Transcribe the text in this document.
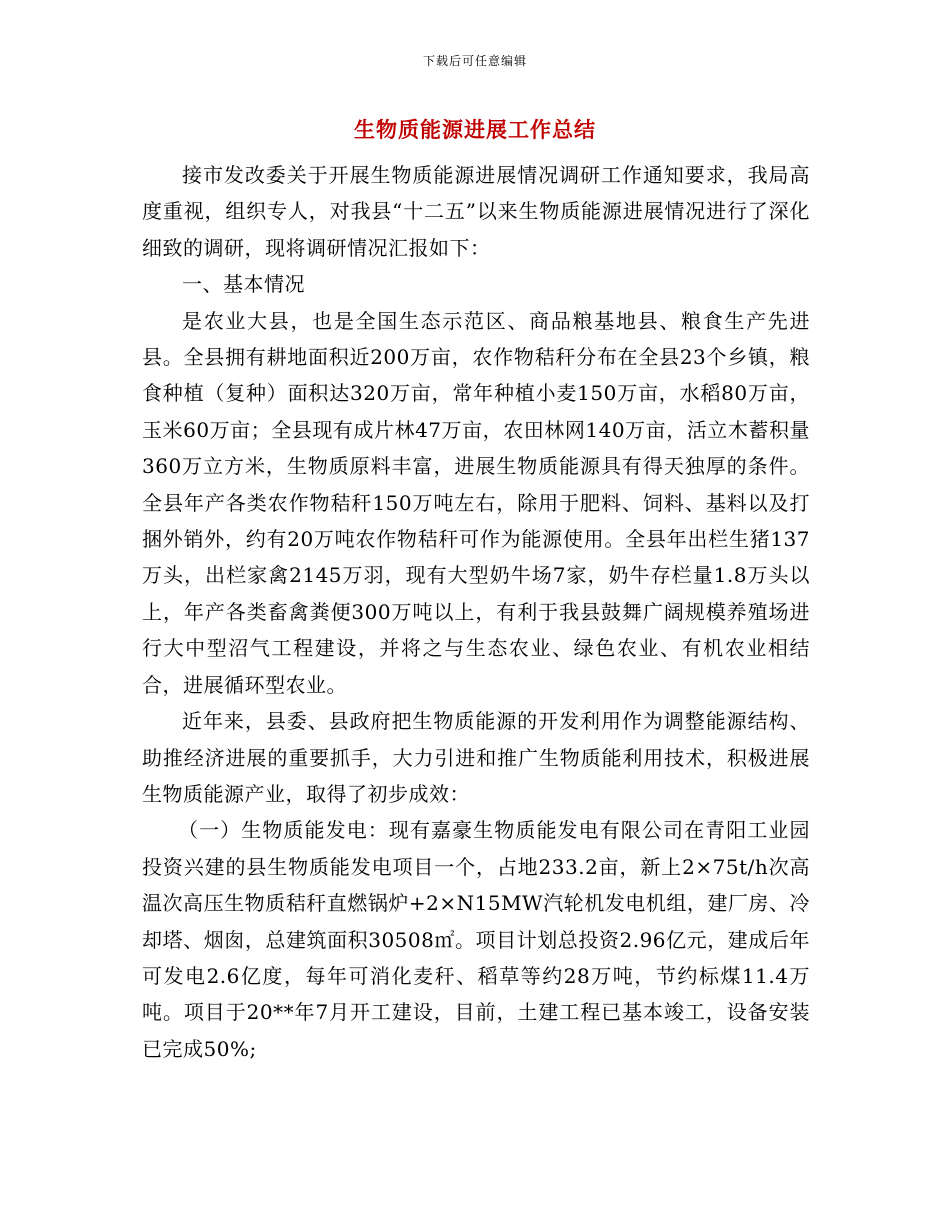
下载后可任意编辑
生物质能源进展工作总结

接市发改委关于开展生物质能源进展情况调研工作通知要求，我局高度重视，组织专人，对我县“十二五”以来生物质能源进展情况进行了深化细致的调研，现将调研情况汇报如下：

一、基本情况

是农业大县，也是全国生态示范区、商品粮基地县、粮食生产先进县。全县拥有耕地面积近200万亩，农作物秸秆分布在全县23个乡镇，粮食种植（复种）面积达320万亩，常年种植小麦150万亩，水稻80万亩，玉米60万亩；全县现有成片林47万亩，农田林网140万亩，活立木蓄积量360万立方米，生物质原料丰富，进展生物质能源具有得天独厚的条件。全县年产各类农作物秸秆150万吨左右，除用于肥料、饲料、基料以及打捆外销外，约有20万吨农作物秸秆可作为能源使用。全县年出栏生猪137万头，出栏家禽2145万羽，现有大型奶牛场7家，奶牛存栏量1.8万头以上，年产各类畜禽粪便300万吨以上，有利于我县鼓舞广阔规模养殖场进行大中型沼气工程建设，并将之与生态农业、绿色农业、有机农业相结合，进展循环型农业。

近年来，县委、县政府把生物质能源的开发利用作为调整能源结构、助推经济进展的重要抓手，大力引进和推广生物质能利用技术，积极进展生物质能源产业，取得了初步成效：

（一）生物质能发电：现有嘉豪生物质能发电有限公司在青阳工业园投资兴建的县生物质能发电项目一个，占地233.2亩，新上2×75t/h次高温次高压生物质秸秆直燃锅炉+2×N15MW汽轮机发电机组，建厂房、冷却塔、烟囱，总建筑面积30508㎡。项目计划总投资2.96亿元，建成后年可发电2.6亿度，每年可消化麦秆、稻草等约28万吨，节约标煤11.4万吨。项目于20**年7月开工建设，目前，土建工程已基本竣工，设备安装已完成50%;
